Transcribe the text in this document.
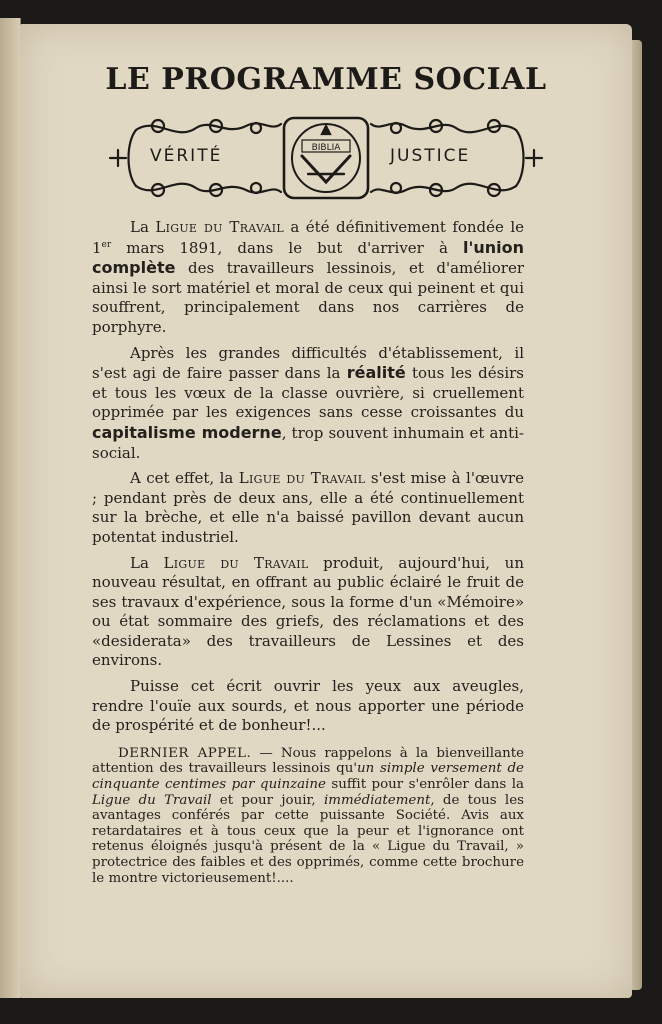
LE PROGRAMME SOCIAL
BIBLIA
VÉRITÉ	JUSTICE

La Ligue du Travail a été définitivement fondée le 1er mars 1891, dans le but d'arriver à l'union complète des travailleurs lessinois, et d'améliorer ainsi le sort matériel et moral de ceux qui peinent et qui souffrent, principalement dans nos carrières de porphyre.

Après les grandes difficultés d'établissement, il s'est agi de faire passer dans la réalité tous les désirs et tous les vœux de la classe ouvrière, si cruellement opprimée par les exigences sans cesse croissantes du capitalisme moderne, trop souvent inhumain et anti-social.

A cet effet, la Ligue du Travail s'est mise à l'œuvre ; pendant près de deux ans, elle a été continuellement sur la brèche, et elle n'a baissé pavillon devant aucun potentat industriel.

La Ligue du Travail produit, aujourd'hui, un nouveau résultat, en offrant au public éclairé le fruit de ses travaux d'expérience, sous la forme d'un «Mémoire» ou état sommaire des griefs, des réclamations et des «desiderata» des travailleurs de Lessines et des environs.

Puisse cet écrit ouvrir les yeux aux aveugles, rendre l'ouïe aux sourds, et nous apporter une période de prospérité et de bonheur!...

DERNIER APPEL. — Nous rappelons à la bienveillante attention des travailleurs lessinois qu'un simple versement de cinquante centimes par quinzaine suffit pour s'enrôler dans la Ligue du Travail et pour jouir, immédiatement, de tous les avantages conférés par cette puissante Société. Avis aux retardataires et à tous ceux que la peur et l'ignorance ont retenus éloignés jusqu'à présent de la « Ligue du Travail, » protectrice des faibles et des opprimés, comme cette brochure le montre victorieusement!....
